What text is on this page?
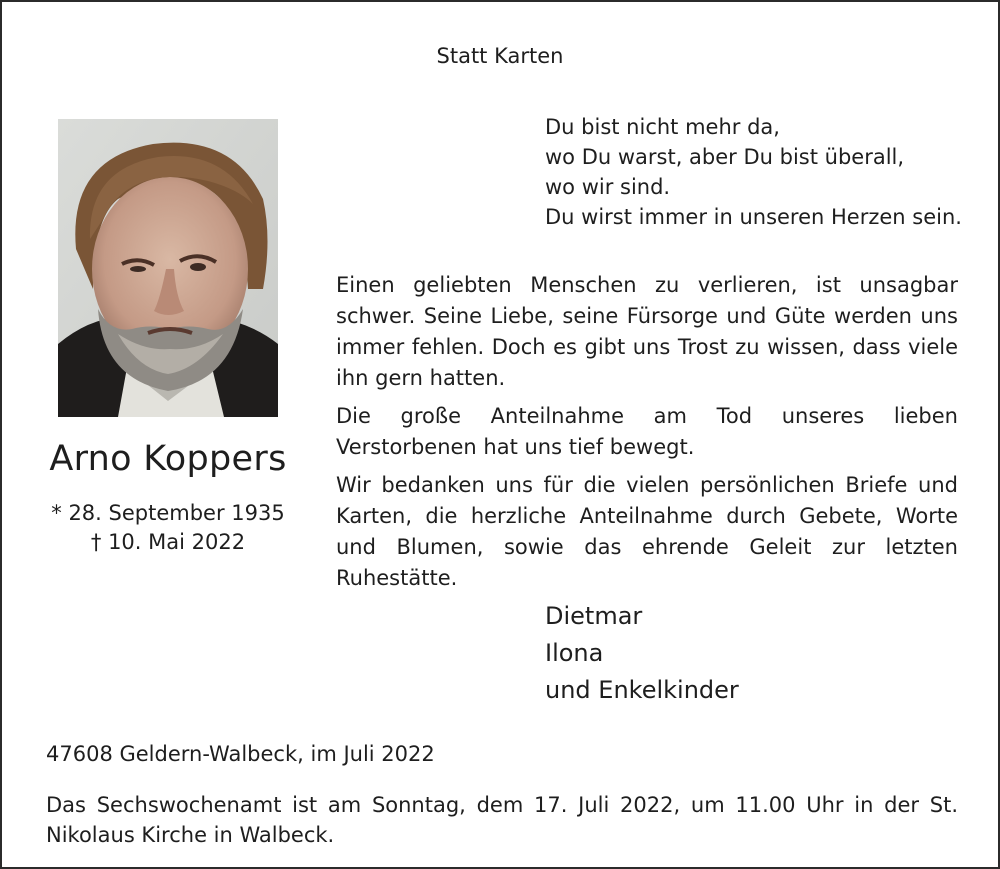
Statt Karten
Arno Koppers
* 28. September 1935
† 10. Mai 2022
Du bist nicht mehr da,
wo Du warst, aber Du bist überall,
wo wir sind.
Du wirst immer in unseren Herzen sein.

Einen geliebten Menschen zu verlieren, ist unsagbar schwer. Seine Liebe, seine Fürsorge und Güte werden uns immer fehlen. Doch es gibt uns Trost zu wissen, dass viele ihn gern hatten.

Die große Anteilnahme am Tod unseres lieben Verstorbenen hat uns tief bewegt.

Wir bedanken uns für die vielen persönlichen Briefe und Karten, die herzliche Anteilnahme durch Gebete, Worte und Blumen, sowie das ehrende Geleit zur letzten Ruhestätte.

Dietmar
Ilona
und Enkelkinder
47608 Geldern-Walbeck, im Juli 2022

Das Sechswochenamt ist am Sonntag, dem 17. Juli 2022, um 11.00 Uhr in der St. Nikolaus Kirche in Walbeck.
